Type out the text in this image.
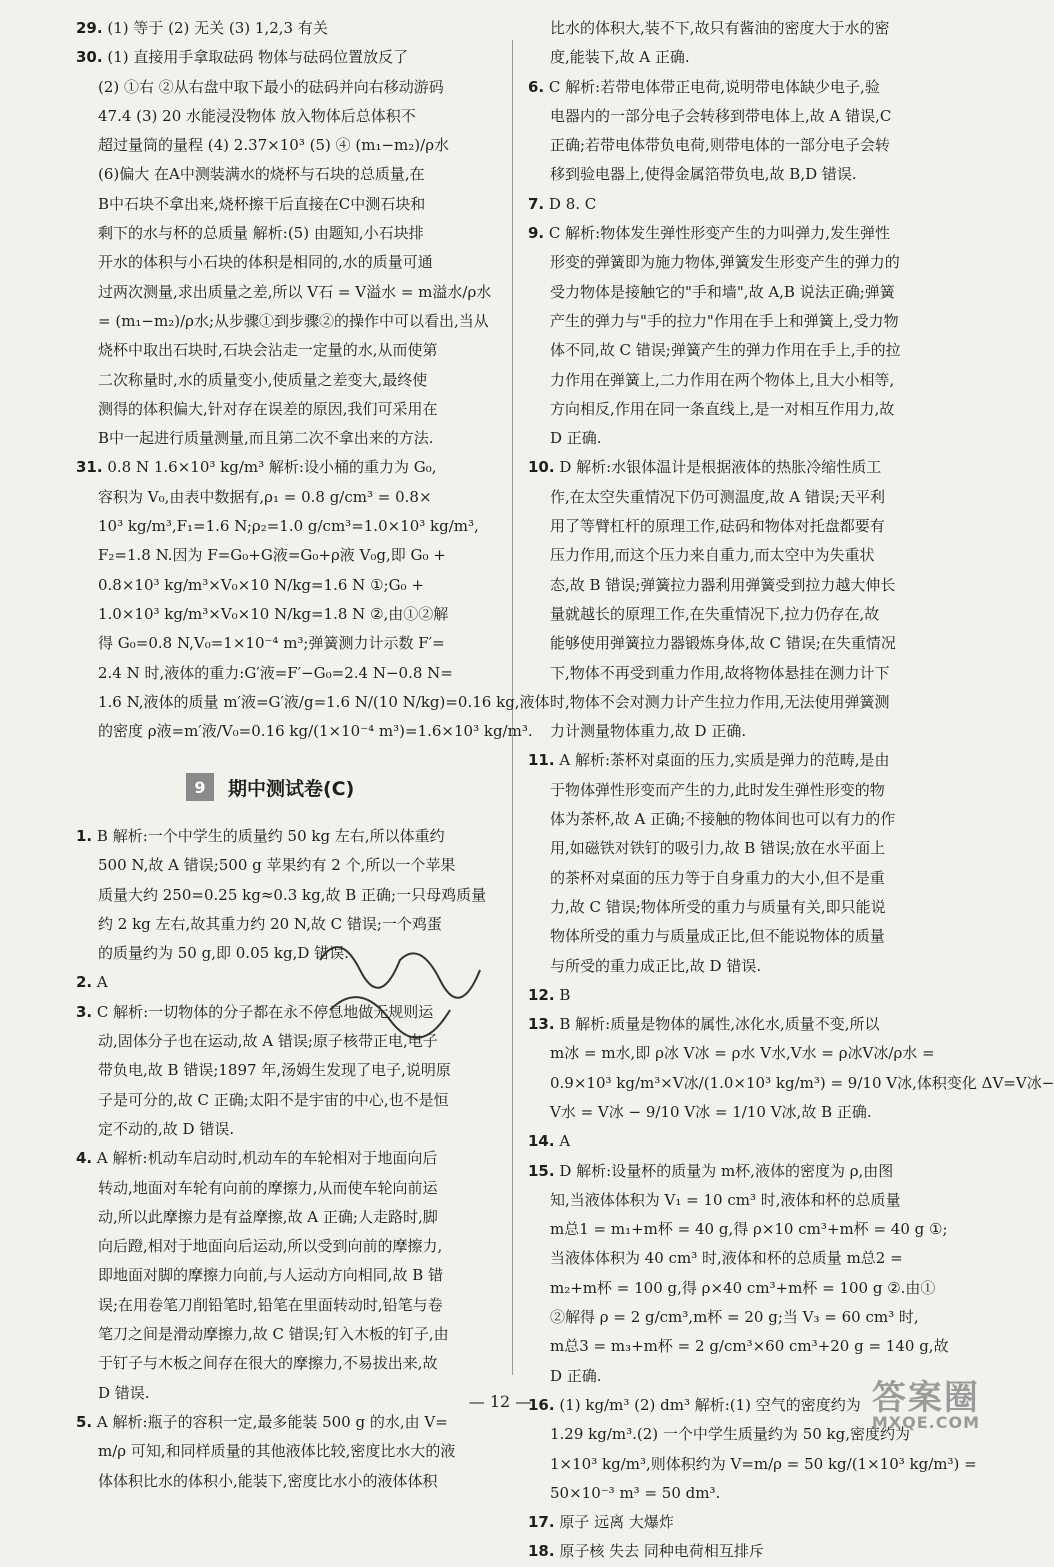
29. (1) 等于 (2) 无关 (3) 1,2,3 有关

30. (1) 直接用手拿取砝码 物体与砝码位置放反了

(2) ①右 ②从右盘中取下最小的砝码并向右移动游码

47.4 (3) 20 水能浸没物体 放入物体后总体积不

超过量筒的量程 (4) 2.37×10³ (5) ④ (m₁−m₂)/ρ水

(6)偏大 在A中测装满水的烧杯与石块的总质量,在

B中石块不拿出来,烧杯擦干后直接在C中测石块和

剩下的水与杯的总质量 解析:(5) 由题知,小石块排

开水的体积与小石块的体积是相同的,水的质量可通

过两次测量,求出质量之差,所以 V石 = V溢水 = m溢水/ρ水

= (m₁−m₂)/ρ水;从步骤①到步骤②的操作中可以看出,当从

烧杯中取出石块时,石块会沾走一定量的水,从而使第

二次称量时,水的质量变小,使质量之差变大,最终使

测得的体积偏大,针对存在误差的原因,我们可采用在

B中一起进行质量测量,而且第二次不拿出来的方法.

31. 0.8 N 1.6×10³ kg/m³ 解析:设小桶的重力为 G₀,

容积为 V₀,由表中数据有,ρ₁ = 0.8 g/cm³ = 0.8×

10³ kg/m³,F₁=1.6 N;ρ₂=1.0 g/cm³=1.0×10³ kg/m³,

F₂=1.8 N.因为 F=G₀+G液=G₀+ρ液 V₀g,即 G₀ +

0.8×10³ kg/m³×V₀×10 N/kg=1.6 N ①;G₀ +

1.0×10³ kg/m³×V₀×10 N/kg=1.8 N ②,由①②解

得 G₀=0.8 N,V₀=1×10⁻⁴ m³;弹簧测力计示数 F′=

2.4 N 时,液体的重力:G′液=F′−G₀=2.4 N−0.8 N=

1.6 N,液体的质量 m′液=G′液/g=1.6 N/(10 N/kg)=0.16 kg,液体

的密度 ρ液=m′液/V₀=0.16 kg/(1×10⁻⁴ m³)=1.6×10³ kg/m³.

9	期中测试卷(C)

1. B 解析:一个中学生的质量约 50 kg 左右,所以体重约

500 N,故 A 错误;500 g 苹果约有 2 个,所以一个苹果

质量大约 250=0.25 kg≈0.3 kg,故 B 正确;一只母鸡质量

约 2 kg 左右,故其重力约 20 N,故 C 错误;一个鸡蛋

的质量约为 50 g,即 0.05 kg,D 错误.

2. A

3. C 解析:一切物体的分子都在永不停息地做无规则运

动,固体分子也在运动,故 A 错误;原子核带正电,电子

带负电,故 B 错误;1897 年,汤姆生发现了电子,说明原

子是可分的,故 C 正确;太阳不是宇宙的中心,也不是恒

定不动的,故 D 错误.

4. A 解析:机动车启动时,机动车的车轮相对于地面向后

转动,地面对车轮有向前的摩擦力,从而使车轮向前运

动,所以此摩擦力是有益摩擦,故 A 正确;人走路时,脚

向后蹬,相对于地面向后运动,所以受到向前的摩擦力,

即地面对脚的摩擦力向前,与人运动方向相同,故 B 错

误;在用卷笔刀削铅笔时,铅笔在里面转动时,铅笔与卷

笔刀之间是滑动摩擦力,故 C 错误;钉入木板的钉子,由

于钉子与木板之间存在很大的摩擦力,不易拔出来,故

D 错误.

5. A 解析:瓶子的容积一定,最多能装 500 g 的水,由 V=

m/ρ 可知,和同样质量的其他液体比较,密度比水大的液

体体积比水的体积小,能装下,密度比水小的液体体积

比水的体积大,装不下,故只有酱油的密度大于水的密

度,能装下,故 A 正确.

6. C 解析:若带电体带正电荷,说明带电体缺少电子,验

电器内的一部分电子会转移到带电体上,故 A 错误,C

正确;若带电体带负电荷,则带电体的一部分电子会转

移到验电器上,使得金属箔带负电,故 B,D 错误.

7. D 8. C

9. C 解析:物体发生弹性形变产生的力叫弹力,发生弹性

形变的弹簧即为施力物体,弹簧发生形变产生的弹力的

受力物体是接触它的"手和墙",故 A,B 说法正确;弹簧

产生的弹力与"手的拉力"作用在手上和弹簧上,受力物

体不同,故 C 错误;弹簧产生的弹力作用在手上,手的拉

力作用在弹簧上,二力作用在两个物体上,且大小相等,

方向相反,作用在同一条直线上,是一对相互作用力,故

D 正确.

10. D 解析:水银体温计是根据液体的热胀冷缩性质工

作,在太空失重情况下仍可测温度,故 A 错误;天平利

用了等臂杠杆的原理工作,砝码和物体对托盘都要有

压力作用,而这个压力来自重力,而太空中为失重状

态,故 B 错误;弹簧拉力器利用弹簧受到拉力越大伸长

量就越长的原理工作,在失重情况下,拉力仍存在,故

能够使用弹簧拉力器锻炼身体,故 C 错误;在失重情况

下,物体不再受到重力作用,故将物体悬挂在测力计下

时,物体不会对测力计产生拉力作用,无法使用弹簧测

力计测量物体重力,故 D 正确.

11. A 解析:茶杯对桌面的压力,实质是弹力的范畴,是由

于物体弹性形变而产生的力,此时发生弹性形变的物

体为茶杯,故 A 正确;不接触的物体间也可以有力的作

用,如磁铁对铁钉的吸引力,故 B 错误;放在水平面上

的茶杯对桌面的压力等于自身重力的大小,但不是重

力,故 C 错误;物体所受的重力与质量有关,即只能说

物体所受的重力与质量成正比,但不能说物体的质量

与所受的重力成正比,故 D 错误.

12. B

13. B 解析:质量是物体的属性,冰化水,质量不变,所以

m冰 = m水,即 ρ冰 V冰 = ρ水 V水,V水 = ρ冰V冰/ρ水 =

0.9×10³ kg/m³×V冰/(1.0×10³ kg/m³) = 9/10 V冰,体积变化 ΔV=V冰−

V水 = V冰 − 9/10 V冰 = 1/10 V冰,故 B 正确.

14. A

15. D 解析:设量杯的质量为 m杯,液体的密度为 ρ,由图

知,当液体体积为 V₁ = 10 cm³ 时,液体和杯的总质量

m总1 = m₁+m杯 = 40 g,得 ρ×10 cm³+m杯 = 40 g ①;

当液体体积为 40 cm³ 时,液体和杯的总质量 m总2 =

m₂+m杯 = 100 g,得 ρ×40 cm³+m杯 = 100 g ②.由①

②解得 ρ = 2 g/cm³,m杯 = 20 g;当 V₃ = 60 cm³ 时,

m总3 = m₃+m杯 = 2 g/cm³×60 cm³+20 g = 140 g,故

D 正确.

16. (1) kg/m³ (2) dm³ 解析:(1) 空气的密度约为

1.29 kg/m³.(2) 一个中学生质量约为 50 kg,密度约为

1×10³ kg/m³,则体积约为 V=m/ρ = 50 kg/(1×10³ kg/m³) =

50×10⁻³ m³ = 50 dm³.

17. 原子 远离 大爆炸

18. 原子核 失去 同种电荷相互排斥

— 12 —	答案圈
MXQE.COM
